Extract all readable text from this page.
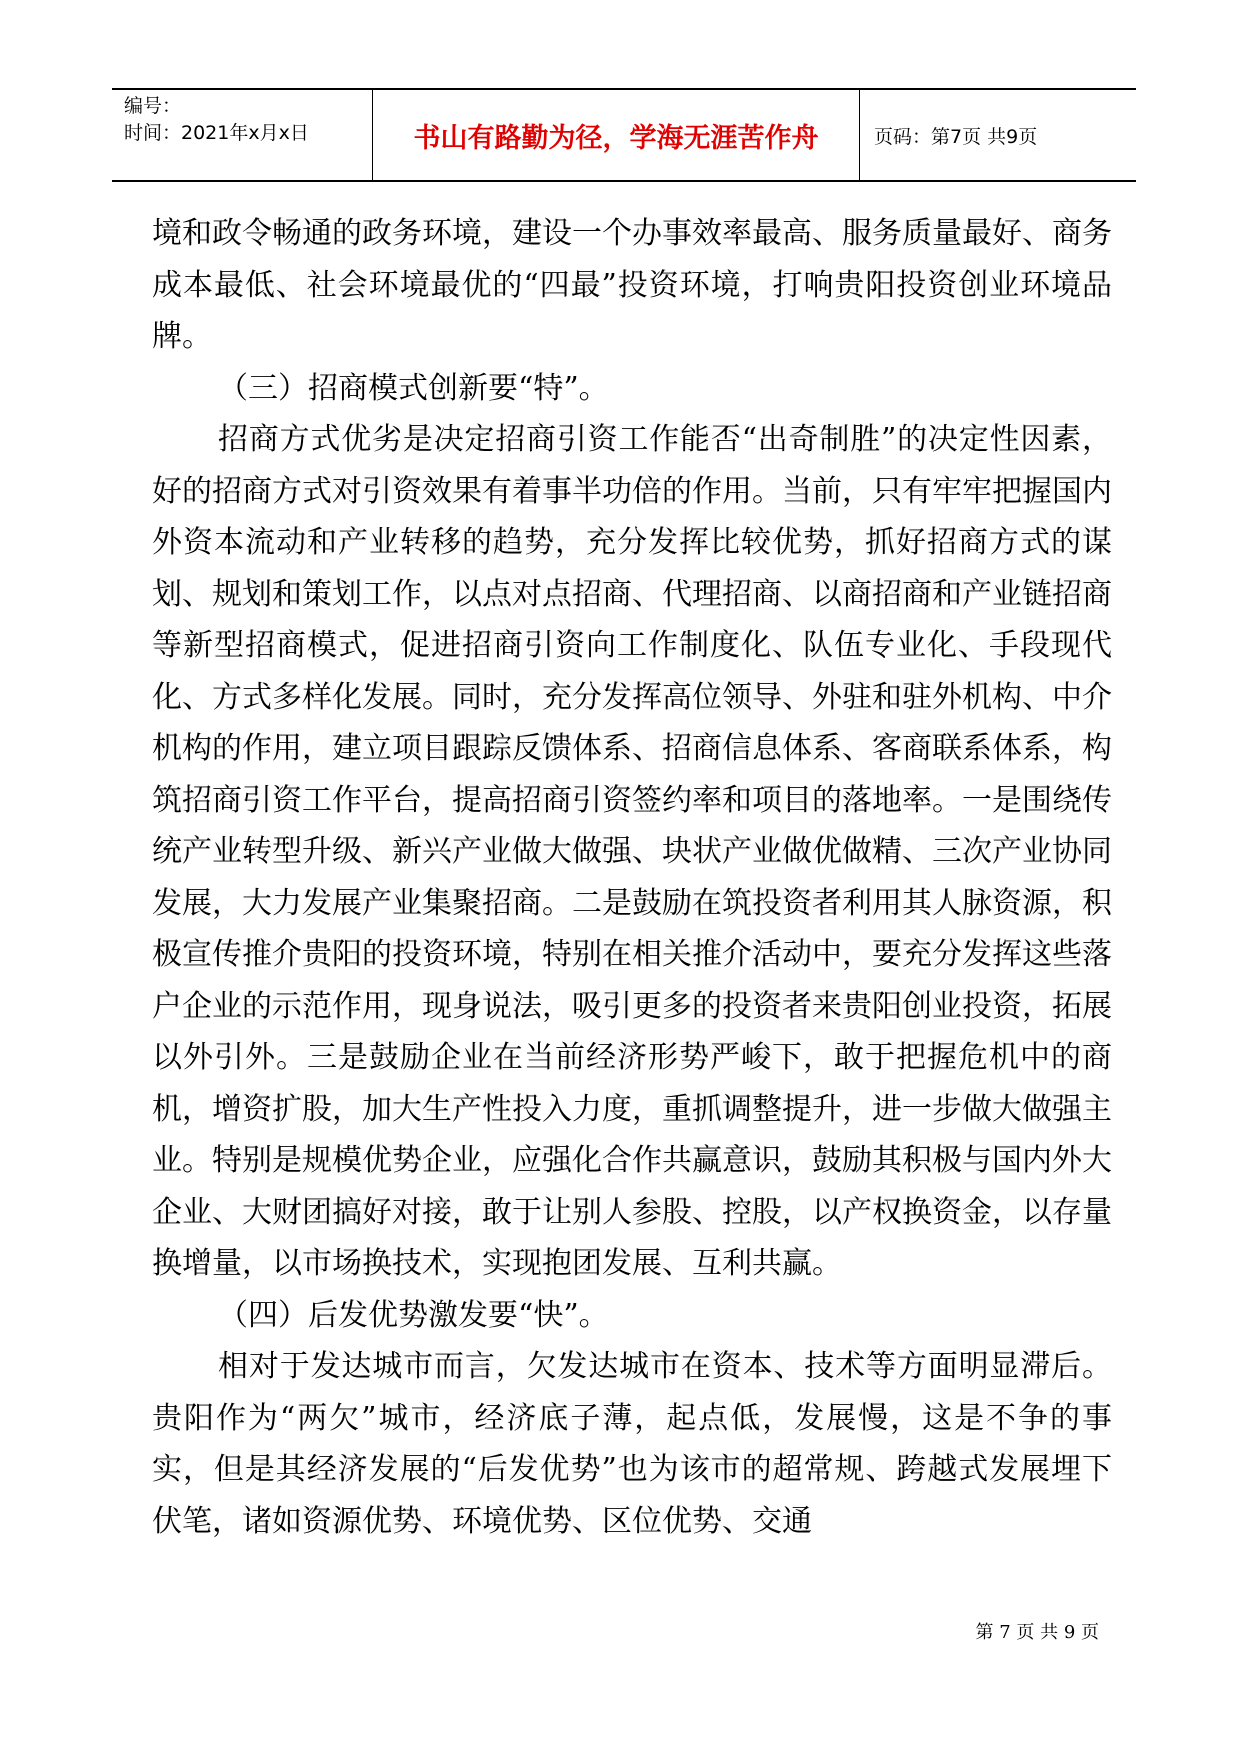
编号：
时间：2021年x月x日	书山有路勤为径，学海无涯苦作舟	页码：第7页 共9页

境和政令畅通的政务环境，建设一个办事效率最高、服务质量最好、商务成本最低、社会环境最优的“四最”投资环境，打响贵阳投资创业环境品牌。

（三）招商模式创新要“特”。

招商方式优劣是决定招商引资工作能否“出奇制胜”的决定性因素，好的招商方式对引资效果有着事半功倍的作用。当前，只有牢牢把握国内外资本流动和产业转移的趋势，充分发挥比较优势，抓好招商方式的谋划、规划和策划工作，以点对点招商、代理招商、以商招商和产业链招商等新型招商模式，促进招商引资向工作制度化、队伍专业化、手段现代化、方式多样化发展。同时，充分发挥高位领导、外驻和驻外机构、中介机构的作用，建立项目跟踪反馈体系、招商信息体系、客商联系体系，构筑招商引资工作平台，提高招商引资签约率和项目的落地率。一是围绕传统产业转型升级、新兴产业做大做强、块状产业做优做精、三次产业协同发展，大力发展产业集聚招商。二是鼓励在筑投资者利用其人脉资源，积极宣传推介贵阳的投资环境，特别在相关推介活动中，要充分发挥这些落户企业的示范作用，现身说法，吸引更多的投资者来贵阳创业投资，拓展以外引外。三是鼓励企业在当前经济形势严峻下，敢于把握危机中的商机，增资扩股，加大生产性投入力度，重抓调整提升，进一步做大做强主业。特别是规模优势企业，应强化合作共赢意识，鼓励其积极与国内外大企业、大财团搞好对接，敢于让别人参股、控股，以产权换资金，以存量换增量，以市场换技术，实现抱团发展、互利共赢。

（四）后发优势激发要“快”。

相对于发达城市而言，欠发达城市在资本、技术等方面明显滞后。贵阳作为“两欠”城市，经济底子薄，起点低，发展慢，这是不争的事实，但是其经济发展的“后发优势”也为该市的超常规、跨越式发展埋下伏笔，诸如资源优势、环境优势、区位优势、交通

第 7 页 共 9 页
